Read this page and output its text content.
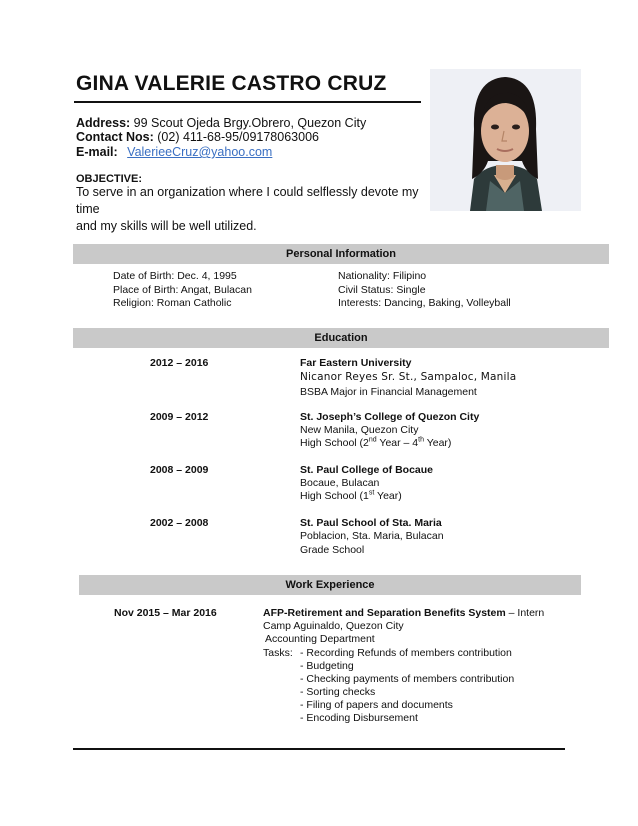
GINA VALERIE CASTRO CRUZ
Address: 99 Scout Ojeda Brgy.Obrero, Quezon City
Contact Nos: (02) 411-68-95/09178063006
E-mail: ValerieeCruz@yahoo.com
OBJECTIVE:
To serve in an organization where I could selflessly devote my time
and my skills will be well utilized.
Personal Information
Date of Birth: Dec. 4, 1995
Place of Birth: Angat, Bulacan
Religion: Roman Catholic
Nationality: Filipino
Civil Status: Single
Interests: Dancing, Baking, Volleyball
Education
2012 – 2016	Far Eastern University
Nicanor Reyes Sr. St., Sampaloc, Manila
BSBA Major in Financial Management
2009 – 2012	St. Joseph’s College of Quezon City
New Manila, Quezon City
High School (2nd Year – 4th Year)
2008 – 2009	St. Paul College of Bocaue
Bocaue, Bulacan
High School (1st Year)
2002 – 2008	St. Paul School of Sta. Maria
Poblacion, Sta. Maria, Bulacan
Grade School
Work Experience
Nov 2015 – Mar 2016	AFP-Retirement and Separation Benefits System – Intern
Camp Aguinaldo, Quezon City
Accounting Department
Tasks: - Recording Refunds of members contribution
- Budgeting
- Checking payments of members contribution
- Sorting checks
- Filing of papers and documents
- Encoding Disbursement
